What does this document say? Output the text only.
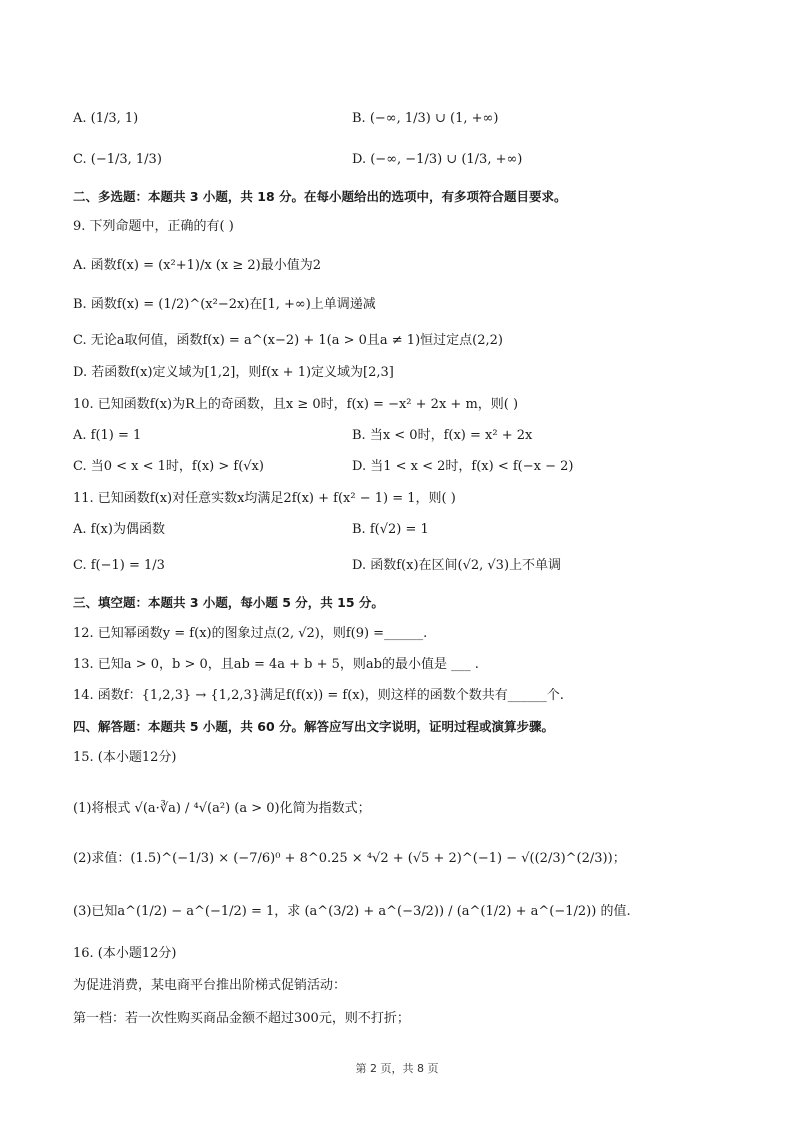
A. (1/3, 1)	B. (−∞, 1/3) ∪ (1, +∞)
C. (−1/3, 1/3)	D. (−∞, −1/3) ∪ (1/3, +∞)
二、多选题：本题共 3 小题，共 18 分。在每小题给出的选项中，有多项符合题目要求。
9. 下列命题中，正确的有( )
A. 函数f(x) = (x²+1)/x (x ≥ 2)最小值为2
B. 函数f(x) = (1/2)^(x²−2x)在[1, +∞)上单调递减
C. 无论a取何值，函数f(x) = a^(x−2) + 1(a > 0且a ≠ 1)恒过定点(2,2)
D. 若函数f(x)定义域为[1,2]，则f(x + 1)定义域为[2,3]
10. 已知函数f(x)为R上的奇函数，且x ≥ 0时，f(x) = −x² + 2x + m，则( )
A. f(1) = 1	B. 当x < 0时，f(x) = x² + 2x
C. 当0 < x < 1时，f(x) > f(√x)	D. 当1 < x < 2时，f(x) < f(−x − 2)
11. 已知函数f(x)对任意实数x均满足2f(x) + f(x² − 1) = 1，则( )
A. f(x)为偶函数	B. f(√2) = 1
C. f(−1) = 1/3	D. 函数f(x)在区间(√2, √3)上不单调
三、填空题：本题共 3 小题，每小题 5 分，共 15 分。
12. 已知幂函数y = f(x)的图象过点(2, √2)，则f(9) =______.
13. 已知a > 0，b > 0，且ab = 4a + b + 5，则ab的最小值是 ___ .
14. 函数f：{1,2,3} → {1,2,3}满足f(f(x)) = f(x)，则这样的函数个数共有______个.
四、解答题：本题共 5 小题，共 60 分。解答应写出文字说明，证明过程或演算步骤。
15. (本小题12分)
(1)将根式 √(a·∛a) / ⁴√(a²) (a > 0)化简为指数式；
(2)求值：(1.5)^(−1/3) × (−7/6)⁰ + 8^0.25 × ⁴√2 + (√5 + 2)^(−1) − √((2/3)^(2/3))；
(3)已知a^(1/2) − a^(−1/2) = 1，求 (a^(3/2) + a^(−3/2)) / (a^(1/2) + a^(−1/2)) 的值.
16. (本小题12分)
为促进消费，某电商平台推出阶梯式促销活动：
第一档：若一次性购买商品金额不超过300元，则不打折；
第 2 页，共 8 页
